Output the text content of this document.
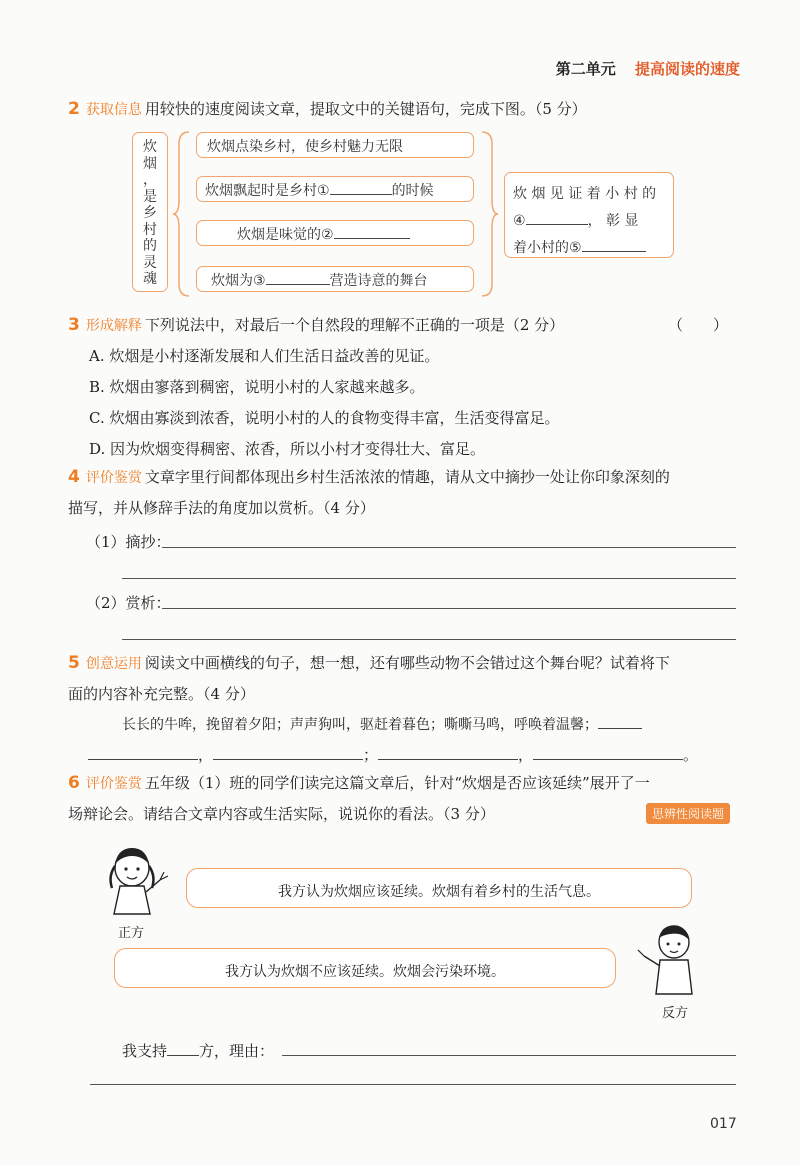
第二单元 提高阅读的速度
2 获取信息 用较快的速度阅读文章，提取文中的关键语句，完成下图。（5 分）
炊
烟
，
是
乡
村
的
灵
魂
炊烟点染乡村，使乡村魅力无限
炊烟飘起时是乡村①	的时候
炊烟是味觉的②
炊烟为③	营造诗意的舞台
炊 烟 见 证 着 小 村 的
④	， 彰 显
着小村的⑤
3 形成解释 下列说法中，对最后一个自然段的理解不正确的一项是（2 分）	（　　）
A. 炊烟是小村逐渐发展和人们生活日益改善的见证。
B. 炊烟由寥落到稠密，说明小村的人家越来越多。
C. 炊烟由寡淡到浓香，说明小村的人的食物变得丰富，生活变得富足。
D. 因为炊烟变得稠密、浓香，所以小村才变得壮大、富足。
4 评价鉴赏 文章字里行间都体现出乡村生活浓浓的情趣，请从文中摘抄一处让你印象深刻的
描写，并从修辞手法的角度加以赏析。（4 分）
（1）摘抄：
（2）赏析：
5 创意运用 阅读文中画横线的句子，想一想，还有哪些动物不会错过这个舞台呢？试着将下
面的内容补充完整。（4 分）
长长的牛哞，挽留着夕阳；声声狗叫，驱赶着暮色；嘶嘶马鸣，呼唤着温馨；
，	；	，	。
6 评价鉴赏 五年级（1）班的同学们读完这篇文章后，针对“炊烟是否应该延续”展开了一
场辩论会。请结合文章内容或生活实际，说说你的看法。（3 分）	思辨性阅读题
正方
我方认为炊烟应该延续。炊烟有着乡村的生活气息。
我方认为炊烟不应该延续。炊烟会污染环境。
反方
我支持 方，理由：
017
